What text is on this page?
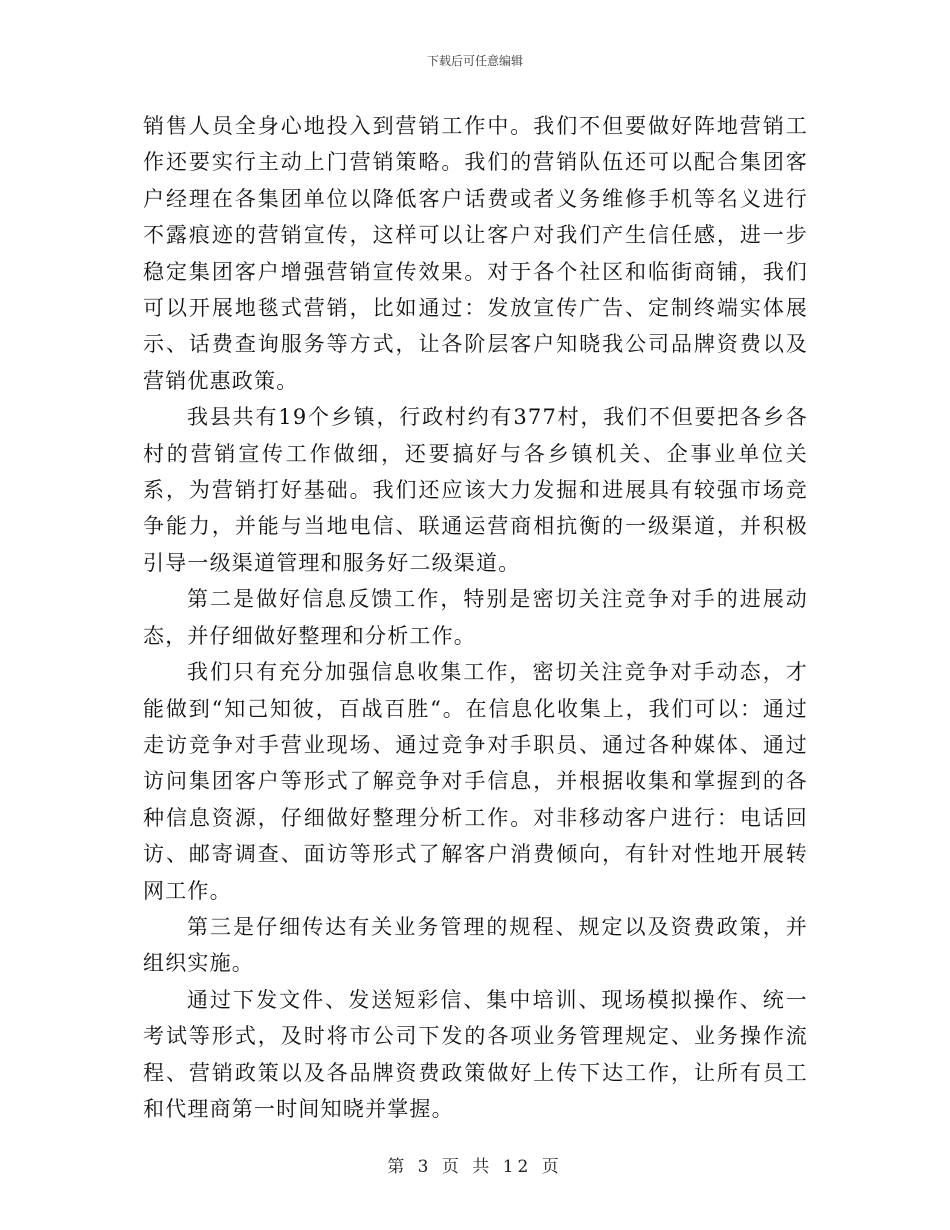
下载后可任意编辑

销售人员全身心地投入到营销工作中。我们不但要做好阵地营销工作还要实行主动上门营销策略。我们的营销队伍还可以配合集团客户经理在各集团单位以降低客户话费或者义务维修手机等名义进行不露痕迹的营销宣传，这样可以让客户对我们产生信任感，进一步稳定集团客户增强营销宣传效果。对于各个社区和临街商铺，我们可以开展地毯式营销，比如通过：发放宣传广告、定制终端实体展示、话费查询服务等方式，让各阶层客户知晓我公司品牌资费以及营销优惠政策。

我县共有19个乡镇，行政村约有377村，我们不但要把各乡各村的营销宣传工作做细，还要搞好与各乡镇机关、企事业单位关系，为营销打好基础。我们还应该大力发掘和进展具有较强市场竞争能力，并能与当地电信、联通运营商相抗衡的一级渠道，并积极引导一级渠道管理和服务好二级渠道。

第二是做好信息反馈工作，特别是密切关注竞争对手的进展动态，并仔细做好整理和分析工作。

我们只有充分加强信息收集工作，密切关注竞争对手动态，才能做到“知己知彼，百战百胜“。在信息化收集上，我们可以：通过走访竞争对手营业现场、通过竞争对手职员、通过各种媒体、通过访问集团客户等形式了解竞争对手信息，并根据收集和掌握到的各种信息资源，仔细做好整理分析工作。对非移动客户进行：电话回访、邮寄调查、面访等形式了解客户消费倾向，有针对性地开展转网工作。

第三是仔细传达有关业务管理的规程、规定以及资费政策，并组织实施。

通过下发文件、发送短彩信、集中培训、现场模拟操作、统一考试等形式，及时将市公司下发的各项业务管理规定、业务操作流程、营销政策以及各品牌资费政策做好上传下达工作，让所有员工和代理商第一时间知晓并掌握。

第 3 页 共 12 页
